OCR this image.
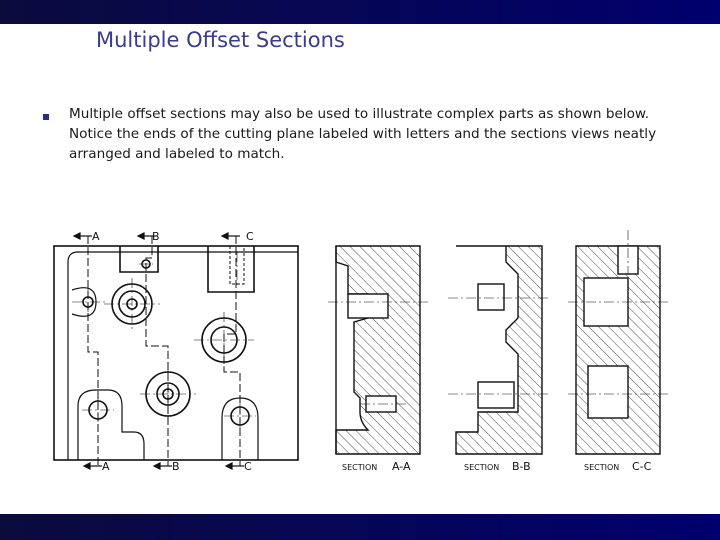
Multiple Offset Sections
Multiple offset sections may also be used to illustrate complex parts as shown below. Notice the ends of the cutting plane labeled with letters and the sections views neatly arranged and labeled to match.
A	B	C
A	B	C	SECTION A-A	SECTION B-B	SECTION C-C
